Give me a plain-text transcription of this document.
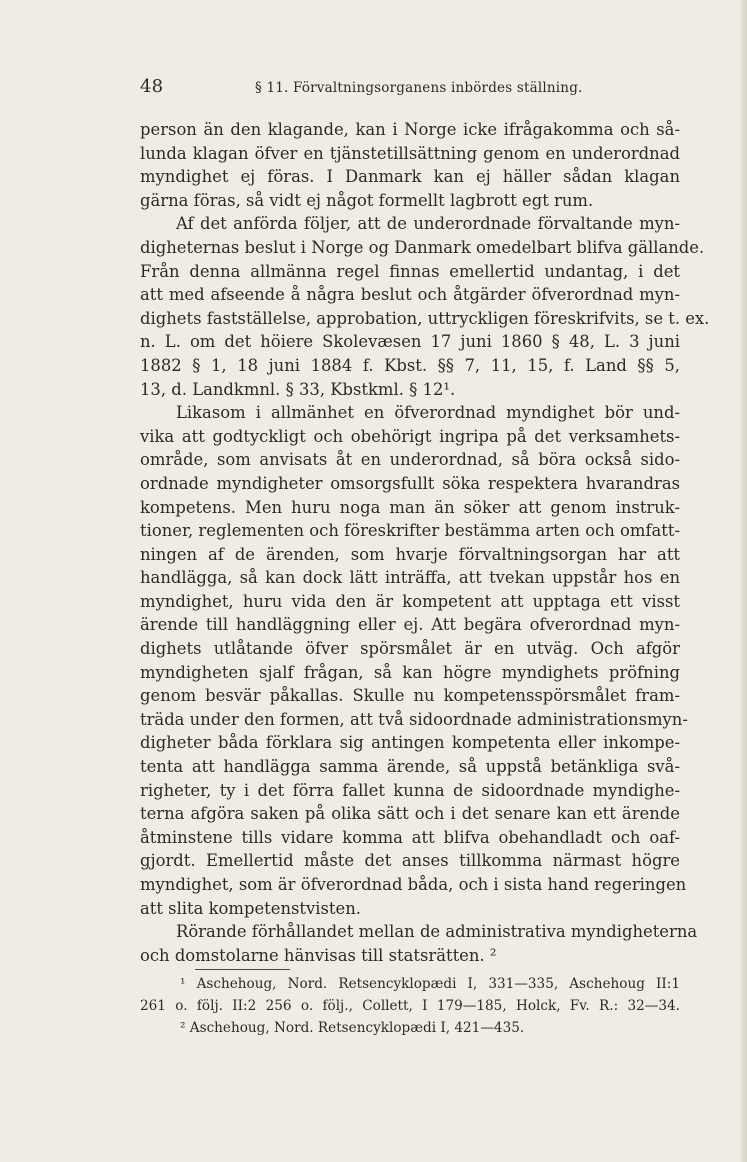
48	§ 11. Förvaltningsorganens inbördes ställning.
person än den klagande, kan i Norge icke ifrågakomma och så-
lunda klagan öfver en tjänstetillsättning genom en underordnad
myndighet ej föras. I Danmark kan ej häller sådan klagan
gärna föras, så vidt ej något formellt lagbrott egt rum.
Af det anförda följer, att de underordnade förvaltande myn-
digheternas beslut i Norge og Danmark omedelbart blifva gällande.
Från denna allmänna regel finnas emellertid undantag, i det
att med afseende å några beslut och åtgärder öfverordnad myn-
dighets fastställelse, approbation, uttryckligen föreskrifvits, se t. ex.
n. L. om det höiere Skolevæsen 17 juni 1860 § 48, L. 3 juni
1882 § 1, 18 juni 1884 f. Kbst. §§ 7, 11, 15, f. Land §§ 5,
13, d. Landkmnl. § 33, Kbstkml. § 12¹.
Likasom i allmänhet en öfverordnad myndighet bör und-
vika att godtyckligt och obehörigt ingripa på det verksamhets-
område, som anvisats åt en underordnad, så böra också sido-
ordnade myndigheter omsorgsfullt söka respektera hvarandras
kompetens. Men huru noga man än söker att genom instruk-
tioner, reglementen och föreskrifter bestämma arten och omfatt-
ningen af de ärenden, som hvarje förvaltningsorgan har att
handlägga, så kan dock lätt inträffa, att tvekan uppstår hos en
myndighet, huru vida den är kompetent att upptaga ett visst
ärende till handläggning eller ej. Att begära ofverordnad myn-
dighets utlåtande öfver spörsmålet är en utväg. Och afgör
myndigheten sjalf frågan, så kan högre myndighets pröfning
genom besvär påkallas. Skulle nu kompetensspörsmålet fram-
träda under den formen, att två sidoordnade administrationsmyn-
digheter båda förklara sig antingen kompetenta eller inkompe-
tenta att handlägga samma ärende, så uppstå betänkliga svå-
righeter, ty i det förra fallet kunna de sidoordnade myndighe-
terna afgöra saken på olika sätt och i det senare kan ett ärende
åtminstene tills vidare komma att blifva obehandladt och oaf-
gjordt. Emellertid måste det anses tillkomma närmast högre
myndighet, som är öfverordnad båda, och i sista hand regeringen
att slita kompetenstvisten.
Rörande förhållandet mellan de administrativa myndigheterna
och domstolarne hänvisas till statsrätten. ²
¹ Aschehoug, Nord. Retsencyklopædi I, 331—335, Aschehoug II:1
261 o. följ. II:2 256 o. följ., Collett, I 179—185, Holck, Fv. R.: 32—34.
² Aschehoug, Nord. Retsencyklopædi I, 421—435.
